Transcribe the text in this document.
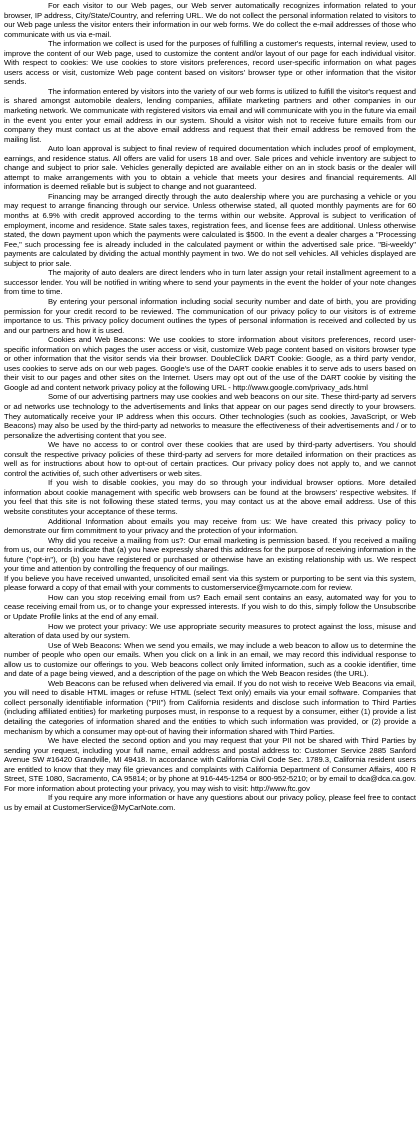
For each visitor to our Web pages, our Web server automatically recognizes information related to your browser, IP address, City/State/Country, and referring URL. We do not collect the personal information related to visitors to our Web page unless the visitor enters their information in our web forms. We do collect the e-mail addresses of those who communicate with us via e-mail.

The information we collect is used for the purposes of fulfilling a customer's requests, internal review, used to improve the content of our Web page, used to customize the content and/or layout of our page for each individual visitor. With respect to cookies: We use cookies to store visitors preferences, record user-specific information on what pages users access or visit, customize Web page content based on visitors' browser type or other information that the visitor sends.

The information entered by visitors into the variety of our web forms is utilized to fulfill the visitor's request and is shared amongst automobile dealers, lending companies, affiliate marketing partners and other companies in our marketing network. We communicate with registered visitors via email and will communicate with you in the future via email in the event you enter your email address in our system. Should a visitor wish not to receive future emails from our company they must contact us at the above email address and request that their email address be removed from the mailing list.

Auto loan approval is subject to final review of required documentation which includes proof of employment, earnings, and residence status. All offers are valid for users 18 and over. Sale prices and vehicle inventory are subject to change and subject to prior sale. Vehicles generally depicted are available either on an in stock basis or the dealer will attempt to make arrangements with you to obtain a vehicle that meets your desires and financial requirements. All information is deemed reliable but is subject to change and not guaranteed.

Financing may be arranged directly through the auto dealership where you are purchasing a vehicle or you may request to arrange financing through our service. Unless otherwise stated, all quoted monthly payments are for 60 months at 6.9% with credit approved according to the terms within our website. Approval is subject to verification of employment, income and residence. State sales taxes, registration fees, and license fees are additional. Unless otherwise stated, the down payment upon which the payments were calculated is $500. In the event a dealer charges a "Processing Fee," such processing fee is already included in the calculated payment or within the advertised sale price. "Bi-weekly" payments are calculated by dividing the actual monthly payment in two. We do not sell vehicles. All vehicles displayed are subject to prior sale.

The majority of auto dealers are direct lenders who in turn later assign your retail installment agreement to a successor lender. You will be notified in writing where to send your payments in the event the holder of your note changes from time to time.

By entering your personal information including social security number and date of birth, you are providing permission for your credit record to be reviewed. The communication of our privacy policy to our visitors is of extreme importance to us. This privacy policy document outlines the types of personal information is received and collected by us and our partners and how it is used.

Cookies and Web Beacons: We use cookies to store information about visitors preferences, record user-specific information on which pages the user access or visit, customize Web page content based on visitors browser type or other information that the visitor sends via their browser. DoubleClick DART Cookie: Google, as a third party vendor, uses cookies to serve ads on our web pages. Google's use of the DART cookie enables it to serve ads to users based on their visit to our pages and other sites on the Internet. Users may opt out of the use of the DART cookie by visiting the Google ad and content network privacy policy at the following URL - http://www.google.com/privacy_ads.html

Some of our advertising partners may use cookies and web beacons on our site. These third-party ad servers or ad networks use technology to the advertisements and links that appear on our pages send directly to your browsers. They automatically receive your IP address when this occurs. Other technologies (such as cookies, JavaScript, or Web Beacons) may also be used by the third-party ad networks to measure the effectiveness of their advertisements and / or to personalize the advertising content that you see.

We have no access to or control over these cookies that are used by third-party advertisers. You should consult the respective privacy policies of these third-party ad servers for more detailed information on their practices as well as for instructions about how to opt-out of certain practices. Our privacy policy does not apply to, and we cannot control the activities of, such other advertisers or web sites.

If you wish to disable cookies, you may do so through your individual browser options. More detailed information about cookie management with specific web browsers can be found at the browsers' respective websites. If you feel that this site is not following these stated terms, you may contact us at the above email address. Use of this website constitutes your acceptance of these terms.

Additional Information about emails you may receive from us: We have created this privacy policy to demonstrate our firm commitment to your privacy and the protection of your information.

Why did you receive a mailing from us?: Our email marketing is permission based. If you received a mailing from us, our records indicate that (a) you have expressly shared this address for the purpose of receiving information in the future ("opt-in"), or (b) you have registered or purchased or otherwise have an existing relationship with us. We respect your time and attention by controlling the frequency of our mailings.

If you believe you have received unwanted, unsolicited email sent via this system or purporting to be sent via this system, please forward a copy of that email with your comments to customerservice@mycarnote.com for review.

How can you stop receiving email from us? Each email sent contains an easy, automated way for you to cease receiving email from us, or to change your expressed interests. If you wish to do this, simply follow the Unsubscribe or Update Profile links at the end of any email.

How we protect your privacy: We use appropriate security measures to protect against the loss, misuse and alteration of data used by our system.

Use of Web Beacons: When we send you emails, we may include a web beacon to allow us to determine the number of people who open our emails. When you click on a link in an email, we may record this individual response to allow us to customize our offerings to you. Web beacons collect only limited information, such as a cookie identifier, time and date of a page being viewed, and a description of the page on which the Web Beacon resides (the URL).

Web Beacons can be refused when delivered via email. If you do not wish to receive Web Beacons via email, you will need to disable HTML images or refuse HTML (select Text only) emails via your email software. Companies that collect personally identifiable information ("PII") from California residents and disclose such information to Third Parties (including affiliated entities) for marketing purposes must, in response to a request by a consumer, either (1) provide a list detailing the categories of information shared and the entities to which such information was provided, or (2) provide a mechanism by which a consumer may opt-out of having their information shared with Third Parties.

We have elected the second option and you may request that your PII not be shared with Third Parties by sending your request, including your full name, email address and postal address to: Customer Service 2885 Sanford Avenue SW #16420 Grandville, MI 49418. In accordance with California Civil Code Sec. 1789.3, California resident users are entitled to know that they may file grievances and complaints with California Department of Consumer Affairs, 400 R Street, STE 1080, Sacramento, CA 95814; or by phone at 916-445-1254 or 800-952-5210; or by email to dca@dca.ca.gov. For more information about protecting your privacy, you may wish to visit: http://www.ftc.gov

If you require any more information or have any questions about our privacy policy, please feel free to contact us by email at CustomerService@MyCarNote.com.
